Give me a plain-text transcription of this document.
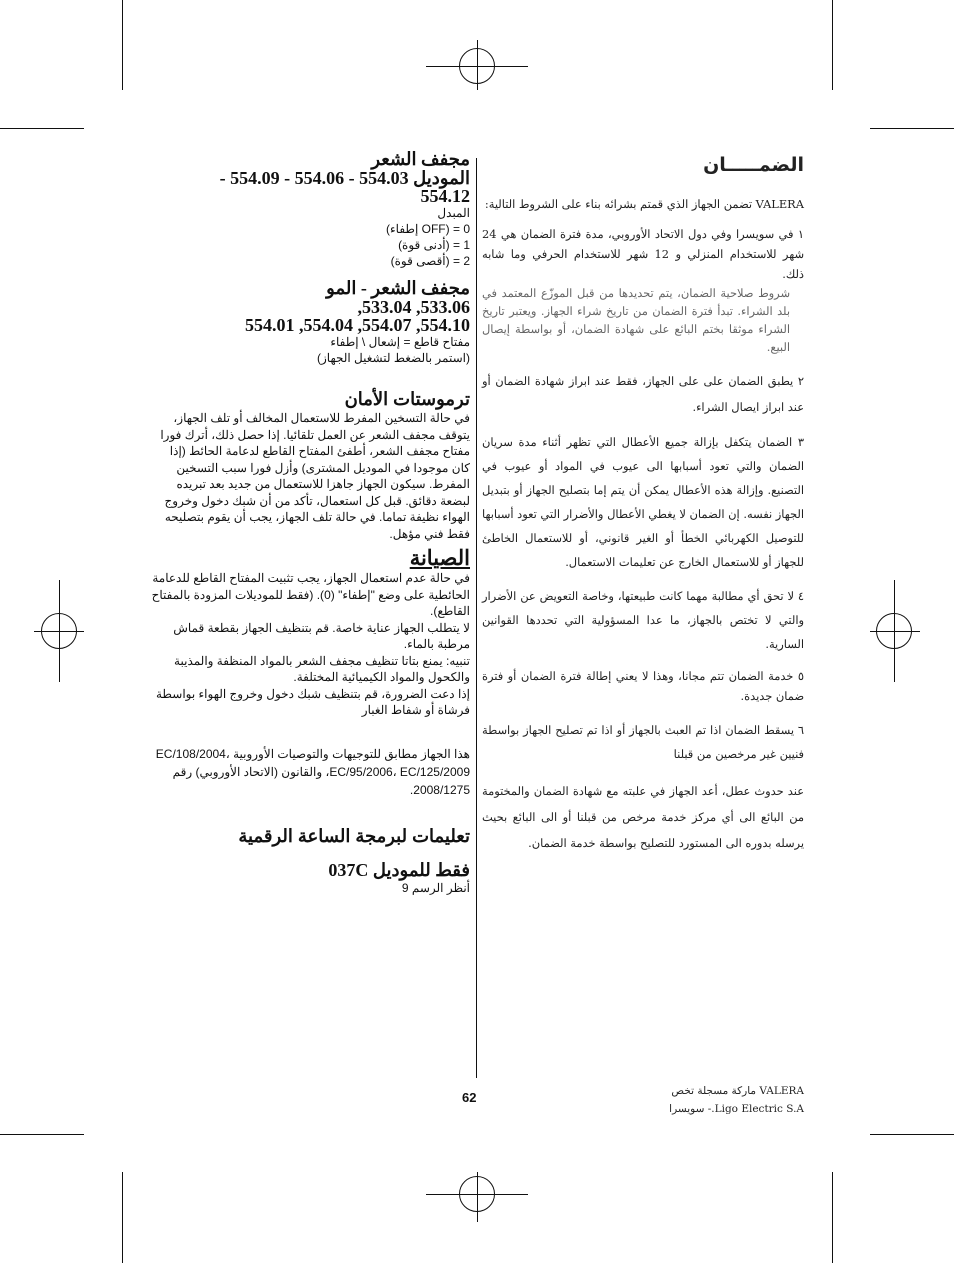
مجفف الشعر
الموديل 554.03 - 554.06 - 554.09 -
554.12

المبدل

0 = (OFF إطفاء)

1 = (أدنى قوة)

2 = (أقصى قوة)

مجفف الشعر - المو
533.06, 533.04,
554.10, 554.07, 554.04, 554.01

مفتاح قاطع = إشعال \ إطفاء

(استمر بالضغط لتشغيل الجهاز)

ترموستات الأمان

في حالة التسخين المفرط للاستعمال المخالف أو تلف الجهاز، يتوقف مجفف الشعر عن العمل تلقائيا. إذا حصل ذلك، أترك فورا مفتاح مجفف الشعر، أطفئ المفتاح القاطع لدعامة الحائط (إذا كان موجودا في الموديل المشترى) وأزل فورا سبب التسخين المفرط. سيكون الجهاز جاهزا للاستعمال من جديد بعد تبريده لبضعة دقائق. قبل كل استعمال، تأكد من أن شبك دخول وخروج الهواء نظيفة تماما. في حالة تلف الجهاز، يجب أن يقوم بتصليحه فقط فني مؤهل.

الصيانة

في حالة عدم استعمال الجهاز، يجب تثبيت المفتاح القاطع للدعامة الحائطية على وضع "إطفاء" (0). (فقط للموديلات المزودة بالمفتاح القاطع).

لا يتطلب الجهاز عناية خاصة. قم بتنظيف الجهاز بقطعة قماش مرطبة بالماء.

تنبيه: يمنع بتاتا تنظيف مجفف الشعر بالمواد المنظفة والمذيبة والكحول والمواد الكيميائية المختلفة.

إذا دعت الضرورة، قم بتنظيف شبك دخول وخروج الهواء بواسطة فرشاة أو شفاط الغبار

هذا الجهاز مطابق للتوجيهات والتوصيات الأوروبية EC/108/2004، EC/95/2006، EC/125/2009، والقانون (الاتحاد الأوروبي) رقم 2008/1275.

تعليمات لبرمجة الساعة الرقمية
فقط للموديل 037C

أنظر الرسم 9

الضمـــــان

VALERA تضمن الجهاز الذي قمتم بشرائه بناء على الشروط التالية:

١ في سويسرا وفي دول الاتحاد الأوروبي، مدة فترة الضمان هي 24 شهر للاستخدام المنزلي و 12 شهر للاستخدام الحرفي وما شابه ذلك.

شروط صلاحية الضمان، يتم تحديدها من قبل الموزّع المعتمد في بلد الشراء. تبدأ فترة الضمان من تاريخ شراء الجهاز. ويعتبر تاريخ الشراء موثقا بختم البائع على شهادة الضمان، أو بواسطة إيصال البيع.

٢ يطبق الضمان على على الجهاز، فقط عند ابراز شهادة الضمان أو عند ابراز ايصال الشراء.

٣ الضمان يتكفل بإزالة جميع الأعطال التي تظهر أثناء مدة سريان الضمان والتي تعود أسبابها الى عيوب في المواد أو عيوب في التصنيع. وإزالة هذه الأعطال يمكن أن يتم إما بتصليح الجهاز أو بتبديل الجهاز نفسه. إن الضمان لا يغطي الأعطال والأضرار التي تعود أسبابها للتوصيل الكهربائي الخطأ أو الغير قانوني، أو للاستعمال الخاطئ للجهاز أو للاستعمال الخارج عن تعليمات الاستعمال.

٤ لا تحق أي مطالبة مهما كانت طبيعتها، وخاصة التعويض عن الأضرار والتي لا تختص بالجهاز، ما عدا المسؤولية التي تحددها القوانين السارية.

٥ خدمة الضمان تتم مجانا، وهذا لا يعني إطالة فترة الضمان أو فترة ضمان جديدة.

٦ يسقط الضمان اذا تم العبث بالجهاز أو اذا تم تصليح الجهاز بواسطة فنيين غير مرخصين من قبلنا

عند حدوث عطل، أعد الجهاز في علبته مع شهادة الضمان والمختومة من البائع الى أي مركز خدمة مرخص من قبلنا أو الى البائع بحيث يرسله بدوره الى المستورد للتصليح بواسطة خدمة الضمان.

VALERA ماركة مسجلة تخص

Ligo Electric S.A.- سويسرا

62
